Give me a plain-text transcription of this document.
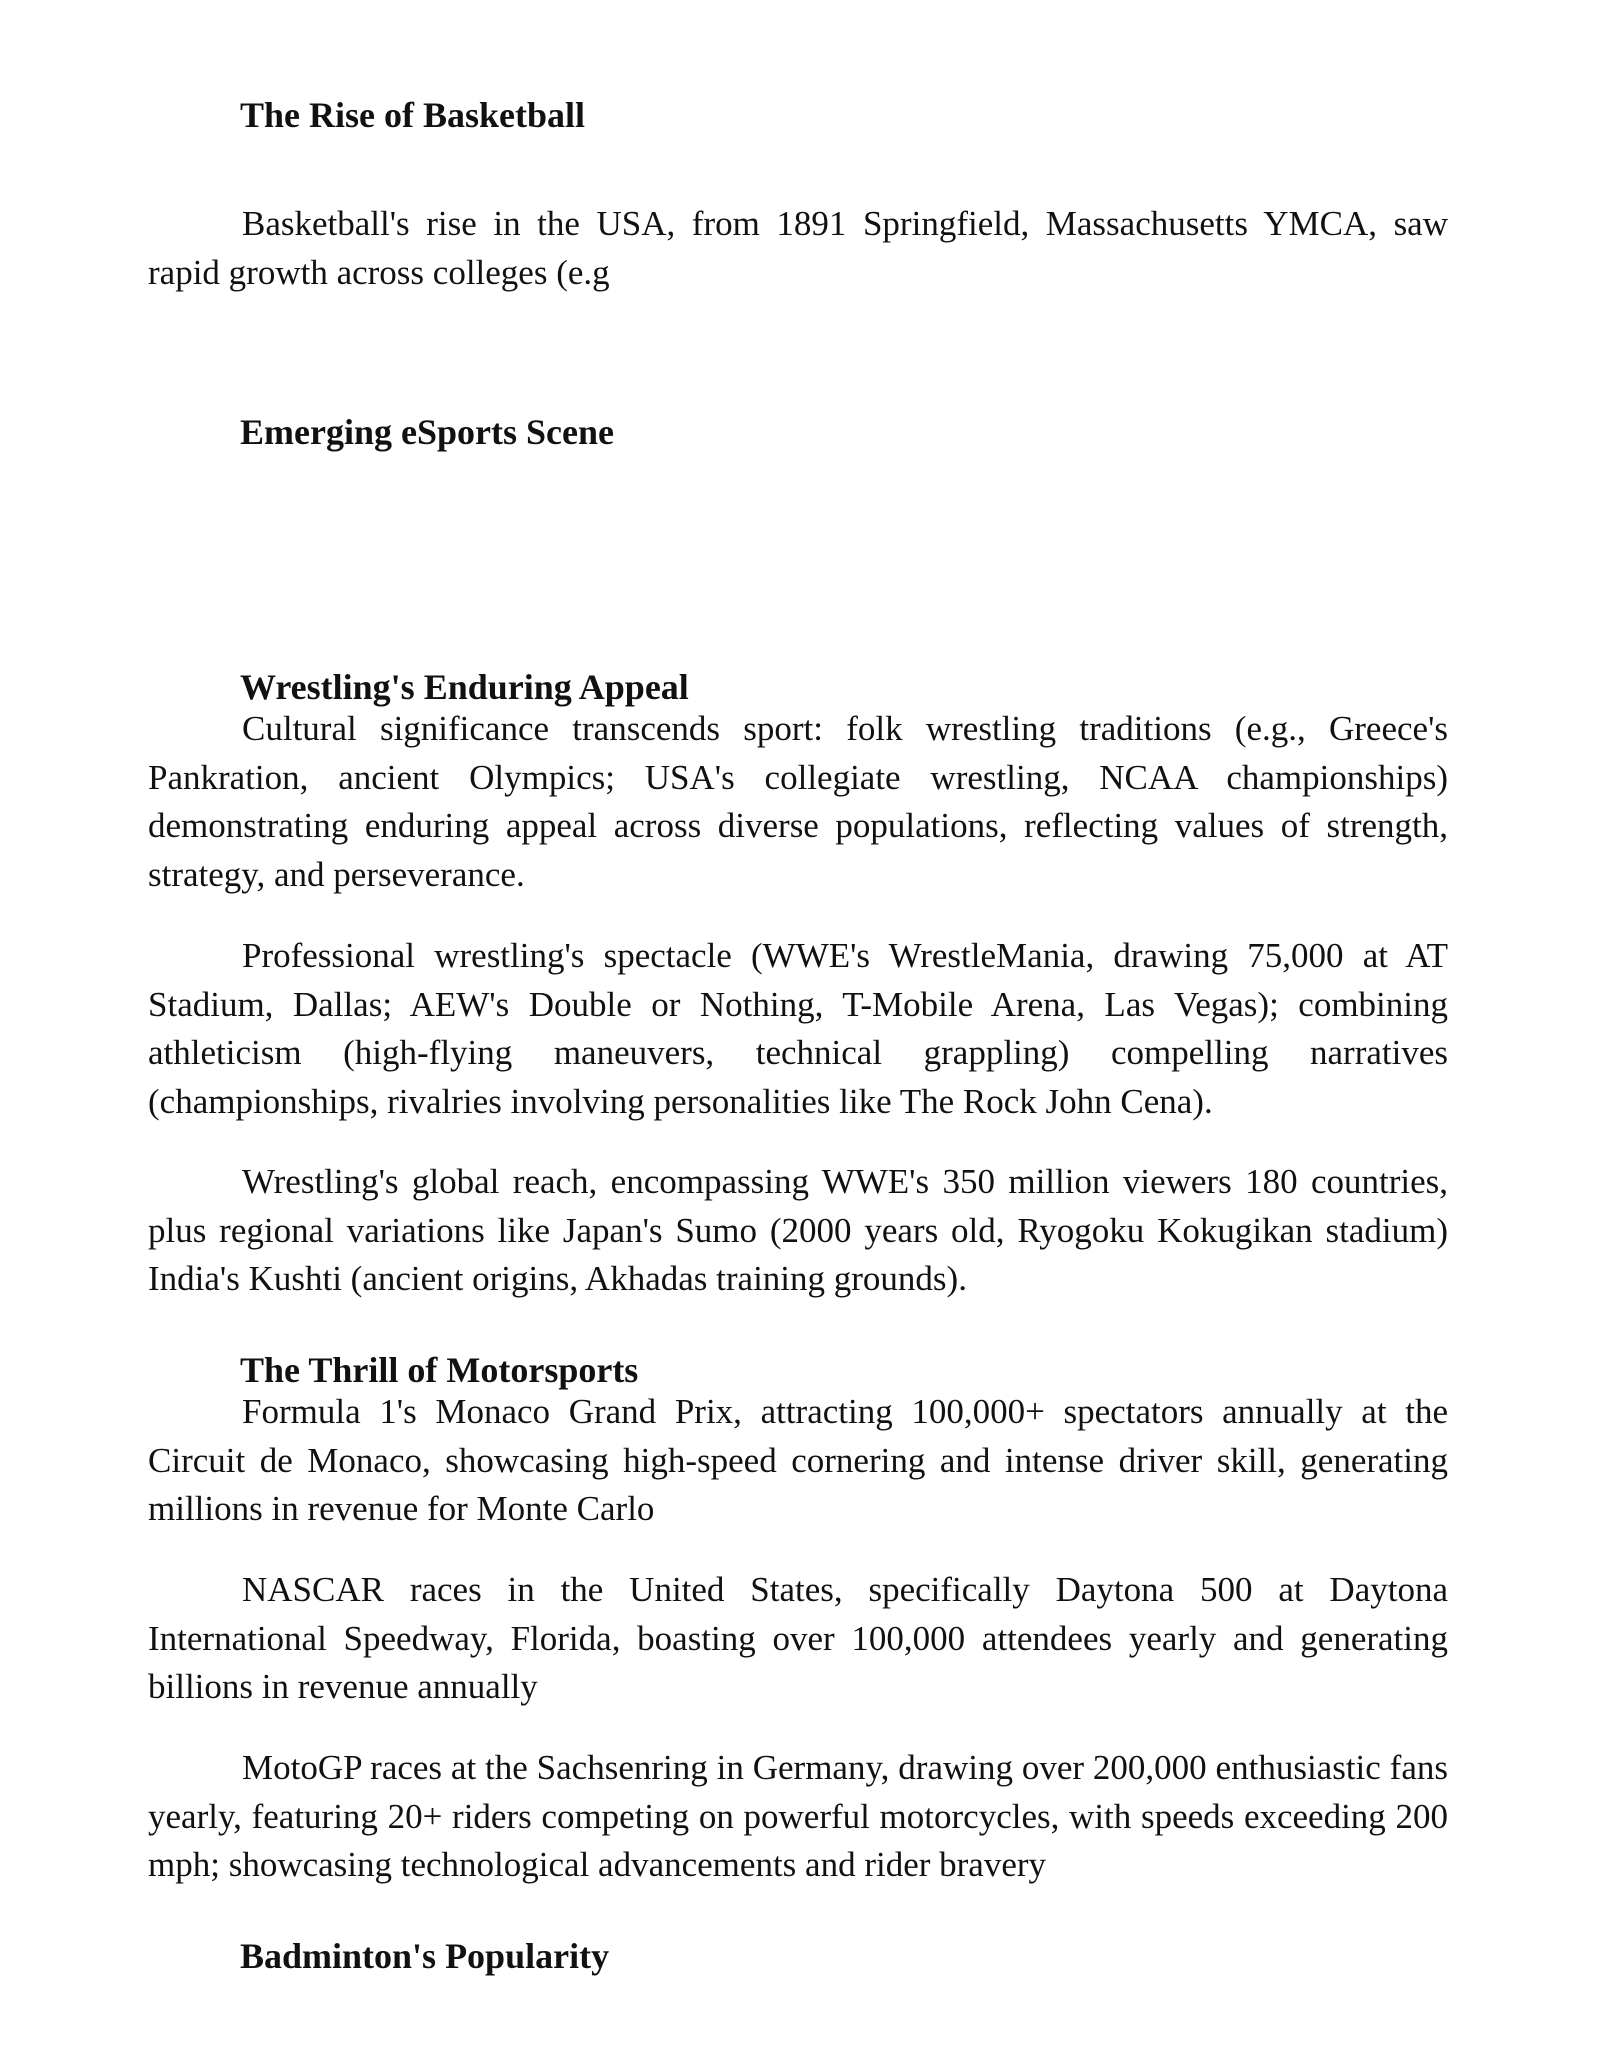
The Rise of Basketball

Basketball's rise in the USA, from 1891 Springfield, Massachusetts YMCA, saw rapid growth across colleges (e.g

Emerging eSports Scene
Wrestling's Enduring Appeal

Cultural significance transcends sport: folk wrestling traditions (e.g., Greece's Pankration, ancient Olympics; USA's collegiate wrestling, NCAA championships) demonstrating enduring appeal across diverse populations, reflecting values of strength, strategy, and perseverance.

Professional wrestling's spectacle (WWE's WrestleMania, drawing 75,000 at AT Stadium, Dallas; AEW's Double or Nothing, T-Mobile Arena, Las Vegas); combining athleticism (high-flying maneuvers, technical grappling) compelling narratives (championships, rivalries involving personalities like The Rock John Cena).

Wrestling's global reach, encompassing WWE's 350 million viewers 180 countries, plus regional variations like Japan's Sumo (2000 years old, Ryogoku Kokugikan stadium) India's Kushti (ancient origins, Akhadas training grounds).

The Thrill of Motorsports

Formula 1's Monaco Grand Prix, attracting 100,000+ spectators annually at the Circuit de Monaco, showcasing high-speed cornering and intense driver skill, generating millions in revenue for Monte Carlo

NASCAR races in the United States, specifically Daytona 500 at Daytona International Speedway, Florida, boasting over 100,000 attendees yearly and generating billions in revenue annually

MotoGP races at the Sachsenring in Germany, drawing over 200,000 enthusiastic fans yearly, featuring 20+ riders competing on powerful motorcycles, with speeds exceeding 200 mph; showcasing technological advancements and rider bravery

Badminton's Popularity
